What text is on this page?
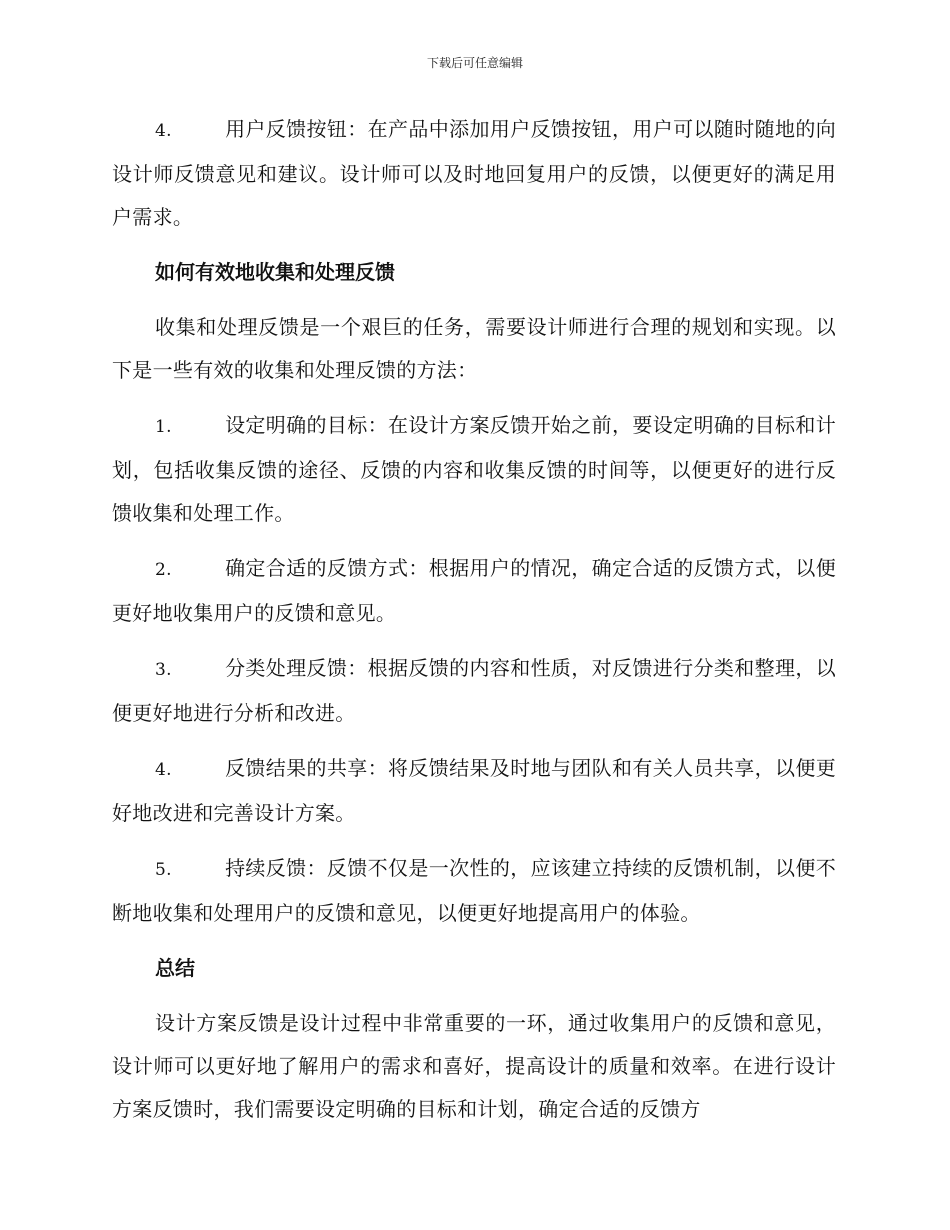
下载后可任意编辑

4.	用户反馈按钮：在产品中添加用户反馈按钮，用户可以随时随地的向设计师反馈意见和建议。设计师可以及时地回复用户的反馈，以便更好的满足用户需求。

如何有效地收集和处理反馈

收集和处理反馈是一个艰巨的任务，需要设计师进行合理的规划和实现。以下是一些有效的收集和处理反馈的方法：

1.	设定明确的目标：在设计方案反馈开始之前，要设定明确的目标和计划，包括收集反馈的途径、反馈的内容和收集反馈的时间等，以便更好的进行反馈收集和处理工作。

2.	确定合适的反馈方式：根据用户的情况，确定合适的反馈方式，以便更好地收集用户的反馈和意见。

3.	分类处理反馈：根据反馈的内容和性质，对反馈进行分类和整理，以便更好地进行分析和改进。

4.	反馈结果的共享：将反馈结果及时地与团队和有关人员共享，以便更好地改进和完善设计方案。

5.	持续反馈：反馈不仅是一次性的，应该建立持续的反馈机制，以便不断地收集和处理用户的反馈和意见，以便更好地提高用户的体验。

总结

设计方案反馈是设计过程中非常重要的一环，通过收集用户的反馈和意见，设计师可以更好地了解用户的需求和喜好，提高设计的质量和效率。在进行设计方案反馈时，我们需要设定明确的目标和计划，确定合适的反馈方
